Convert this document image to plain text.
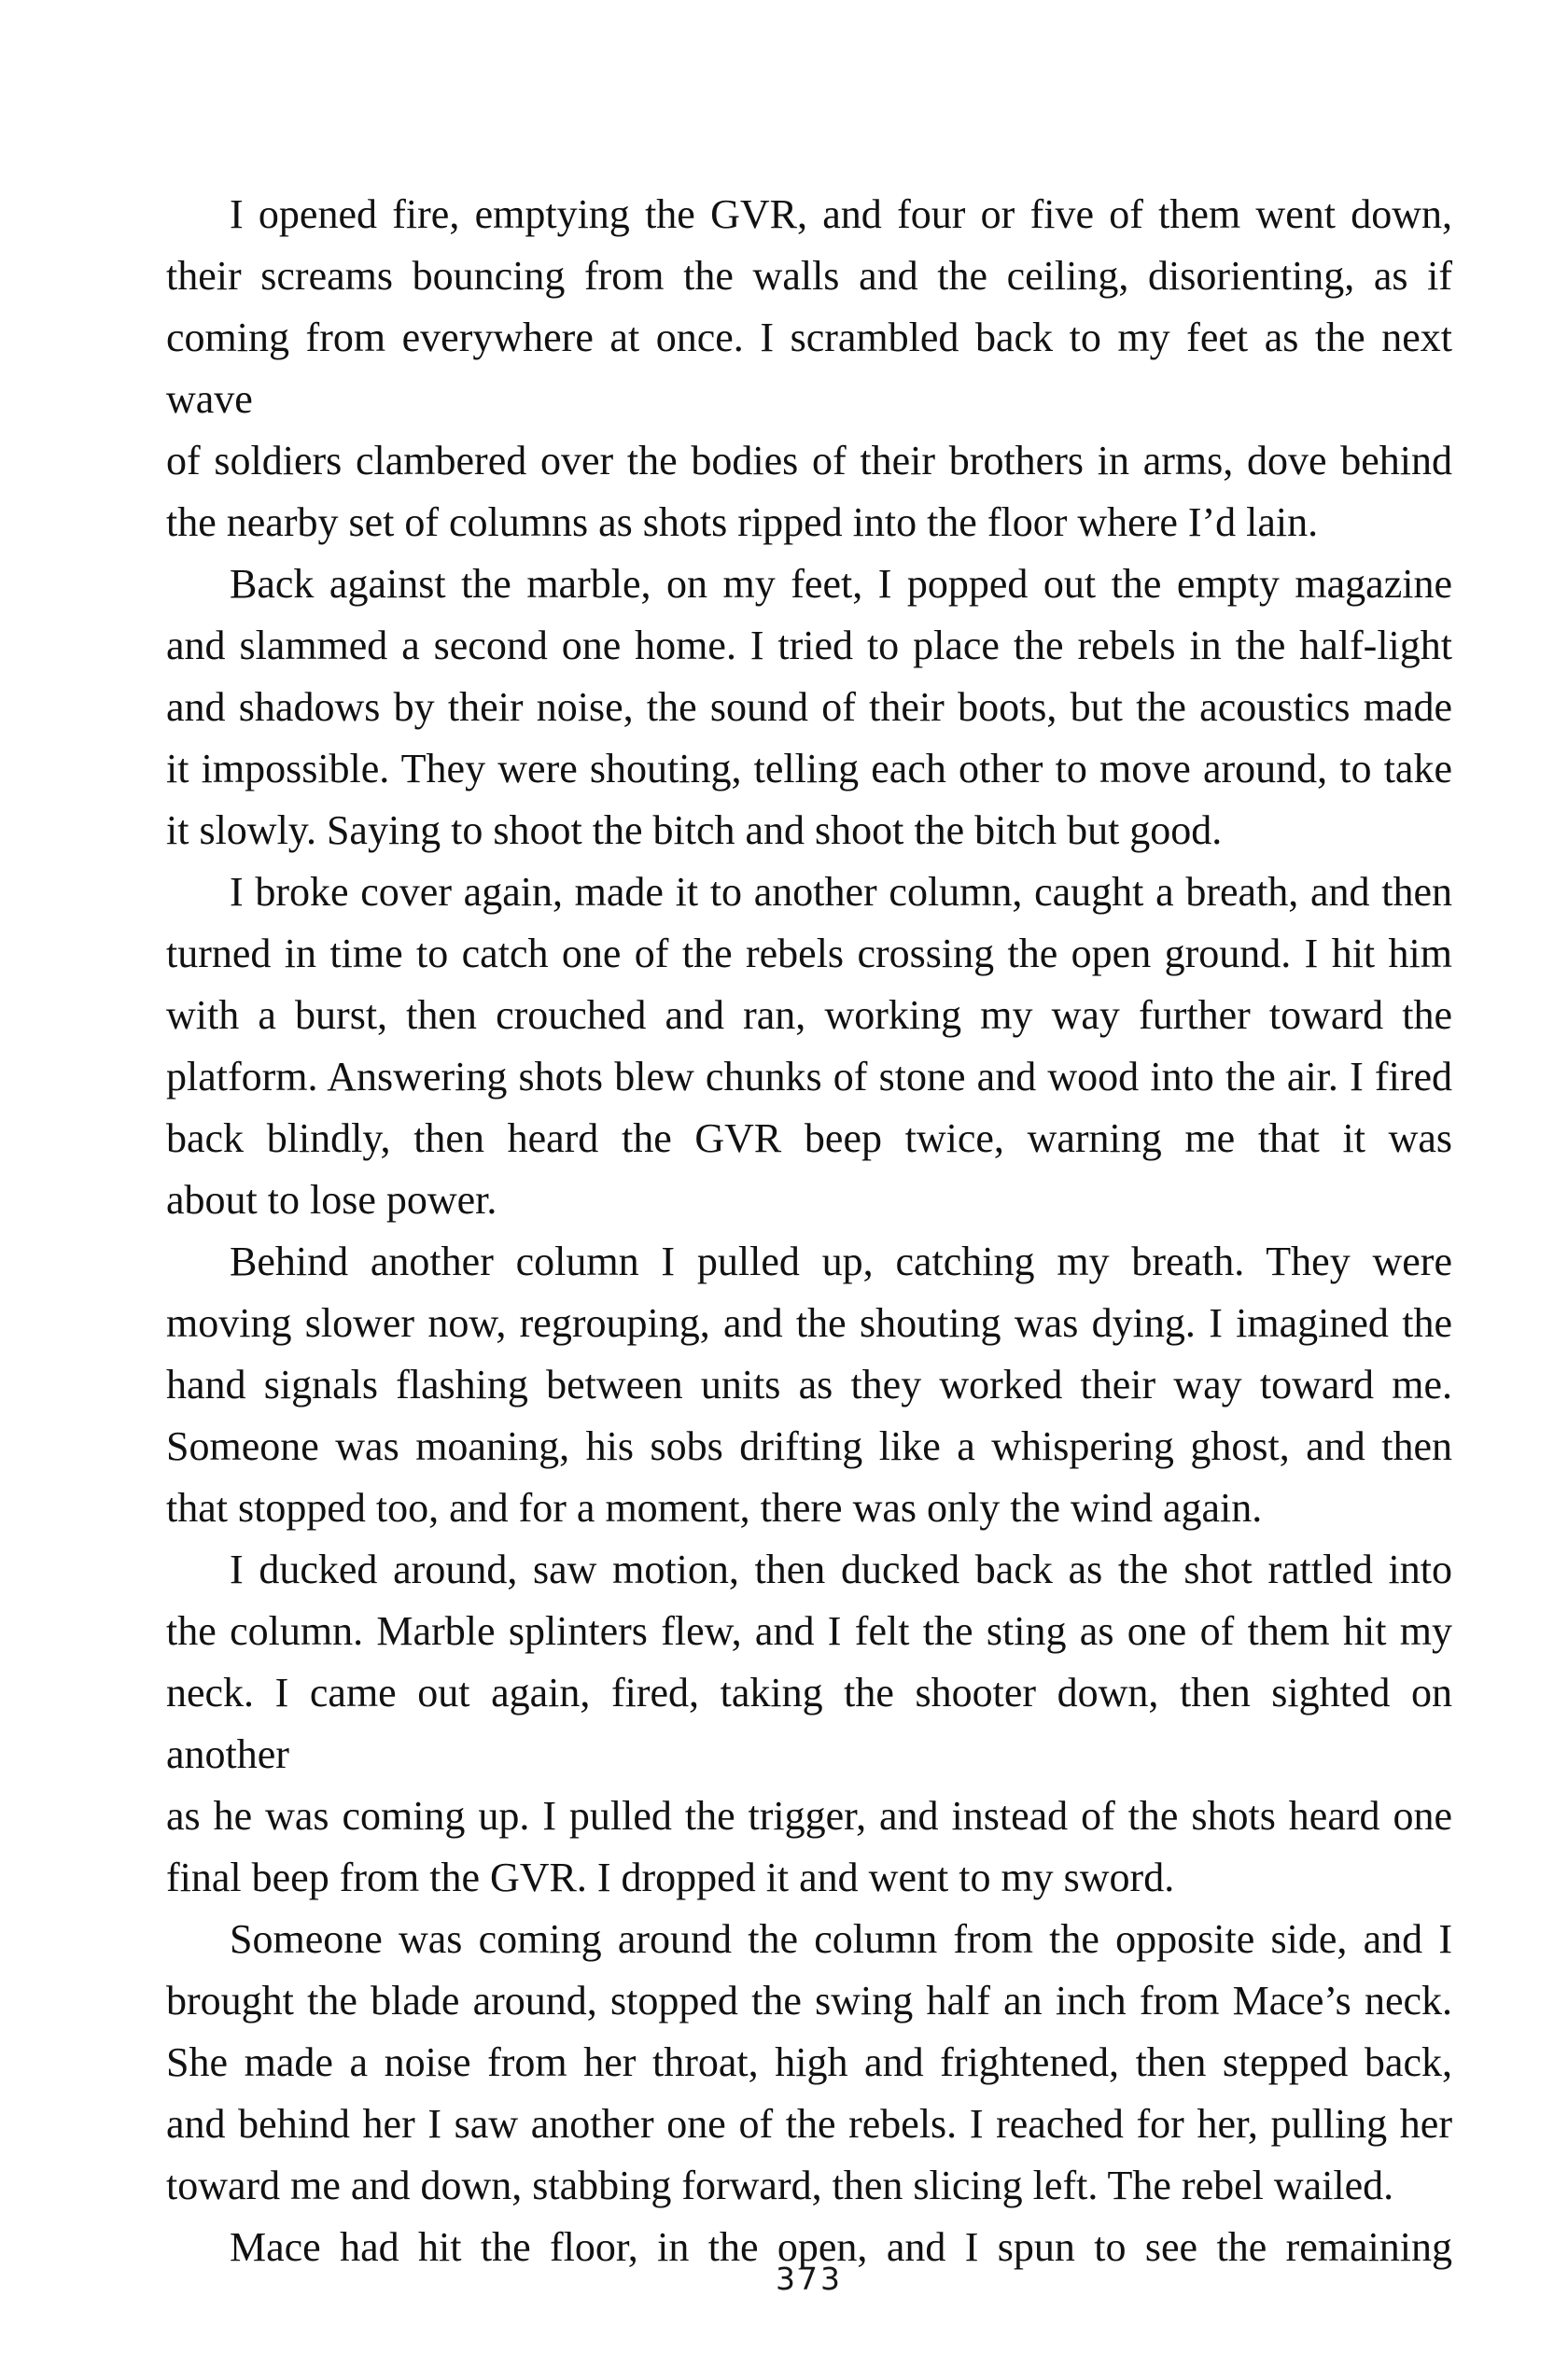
I opened fire, emptying the GVR, and four or five of them went down,
their screams bouncing from the walls and the ceiling, disorienting, as if
coming from everywhere at once. I scrambled back to my feet as the next wave
of soldiers clambered over the bodies of their brothers in arms, dove behind
the nearby set of columns as shots ripped into the floor where I’d lain.

Back against the marble, on my feet, I popped out the empty magazine
and slammed a second one home. I tried to place the rebels in the half-light
and shadows by their noise, the sound of their boots, but the acoustics made
it impossible. They were shouting, telling each other to move around, to take
it slowly. Saying to shoot the bitch and shoot the bitch but good.

I broke cover again, made it to another column, caught a breath, and then
turned in time to catch one of the rebels crossing the open ground. I hit him
with a burst, then crouched and ran, working my way further toward the
platform. Answering shots blew chunks of stone and wood into the air. I fired
back blindly, then heard the GVR beep twice, warning me that it was
about to lose power.

Behind another column I pulled up, catching my breath. They were
moving slower now, regrouping, and the shouting was dying. I imagined the
hand signals flashing between units as they worked their way toward me.
Someone was moaning, his sobs drifting like a whispering ghost, and then
that stopped too, and for a moment, there was only the wind again.

I ducked around, saw motion, then ducked back as the shot rattled into
the column. Marble splinters flew, and I felt the sting as one of them hit my
neck. I came out again, fired, taking the shooter down, then sighted on another
as he was coming up. I pulled the trigger, and instead of the shots heard one
final beep from the GVR. I dropped it and went to my sword.

Someone was coming around the column from the opposite side, and I
brought the blade around, stopped the swing half an inch from Mace’s neck.
She made a noise from her throat, high and frightened, then stepped back,
and behind her I saw another one of the rebels. I reached for her, pulling her
toward me and down, stabbing forward, then slicing left. The rebel wailed.

Mace had hit the floor, in the open, and I spun to see the remaining

373
